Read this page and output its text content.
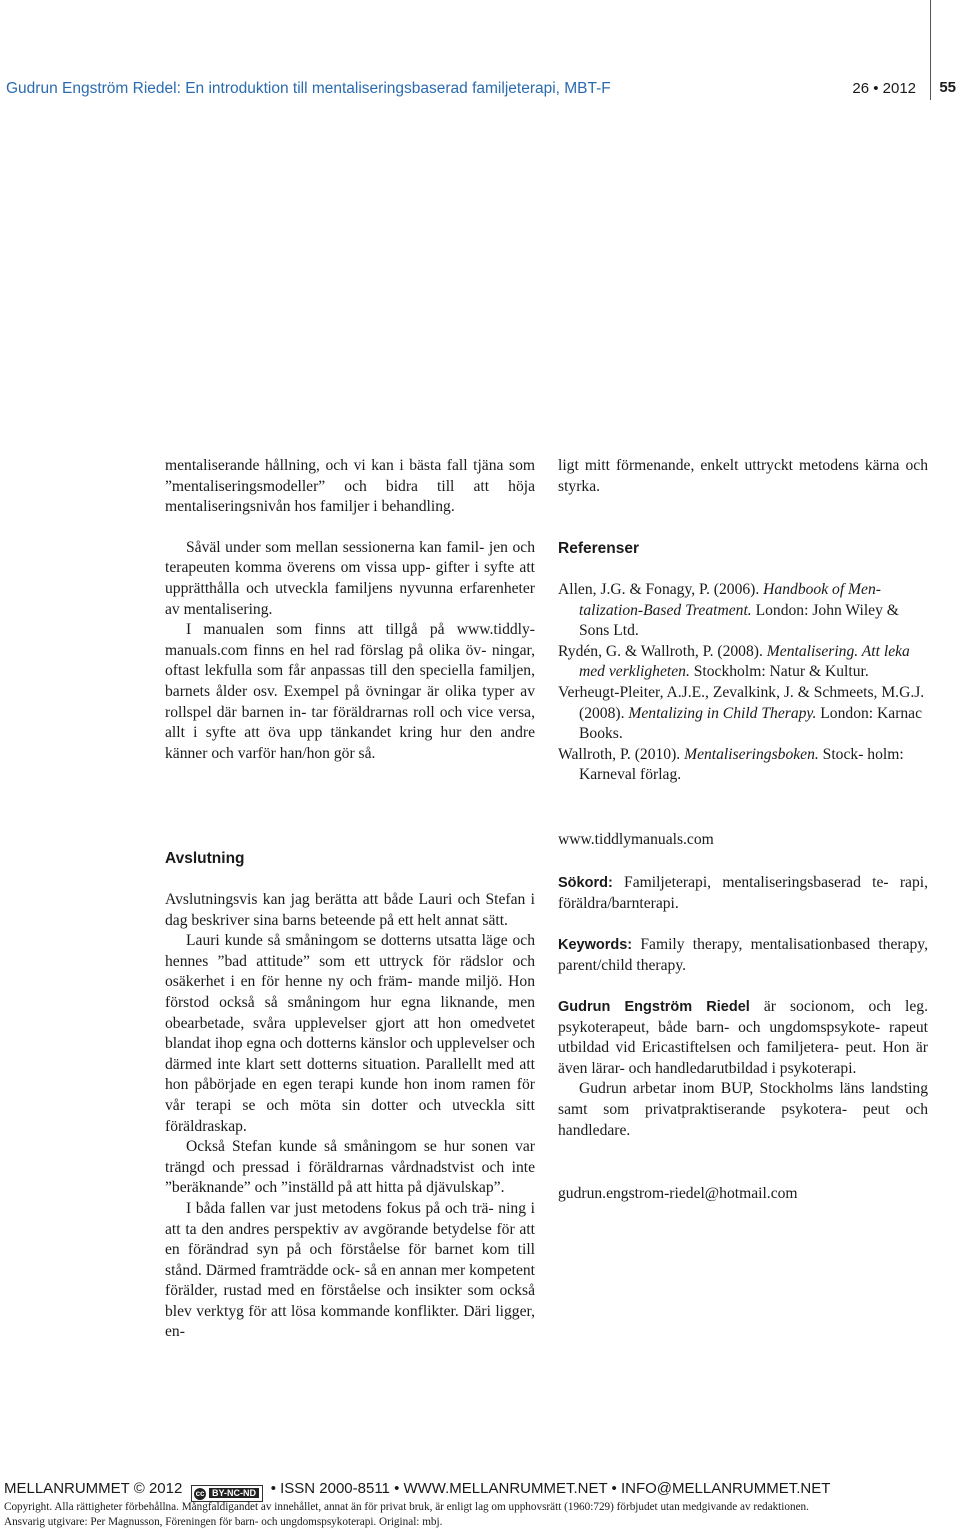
Gudrun Engström Riedel: En introduktion till mentaliseringsbaserad familjeterapi, MBT-F	26 • 2012 55

mentaliserande hållning, och vi kan i bästa fall tjäna som ”mentaliseringsmodeller” och bidra till att höja mentaliseringsnivån hos familjer i behandling.

Såväl under som mellan sessionerna kan famil- jen och terapeuten komma överens om vissa upp- gifter i syfte att upprätthålla och utveckla familjens nyvunna erfarenheter av mentalisering.

I manualen som finns att tillgå på www.tiddly- manuals.com finns en hel rad förslag på olika öv- ningar, oftast lekfulla som får anpassas till den speciella familjen, barnets ålder osv. Exempel på övningar är olika typer av rollspel där barnen in- tar föräldrarnas roll och vice versa, allt i syfte att öva upp tänkandet kring hur den andre känner och varför han/hon gör så.

Avslutning

Avslutningsvis kan jag berätta att både Lauri och Stefan i dag beskriver sina barns beteende på ett helt annat sätt.

Lauri kunde så småningom se dotterns utsatta läge och hennes ”bad attitude” som ett uttryck för rädslor och osäkerhet i en för henne ny och främ- mande miljö. Hon förstod också så småningom hur egna liknande, men obearbetade, svåra upplevelser gjort att hon omedvetet blandat ihop egna och dotterns känslor och upplevelser och därmed inte klart sett dotterns situation. Parallellt med att hon påbörjade en egen terapi kunde hon inom ramen för vår terapi se och möta sin dotter och utveckla sitt föräldraskap.

Också Stefan kunde så småningom se hur sonen var trängd och pressad i föräldrarnas vårdnadstvist och inte ”beräknande” och ”inställd på att hitta på djävulskap”.

I båda fallen var just metodens fokus på och trä- ning i att ta den andres perspektiv av avgörande betydelse för att en förändrad syn på och förståelse för barnet kom till stånd. Därmed framträdde ock- så en annan mer kompetent förälder, rustad med en förståelse och insikter som också blev verktyg för att lösa kommande konflikter. Däri ligger, en-

ligt mitt förmenande, enkelt uttryckt metodens kärna och styrka.

Referenser

Allen, J.G. & Fonagy, P. (2006). Handbook of Men- talization-Based Treatment. London: John Wiley & Sons Ltd.

Rydén, G. & Wallroth, P. (2008). Mentalisering. Att leka med verkligheten. Stockholm: Natur & Kultur.

Verheugt-Pleiter, A.J.E., Zevalkink, J. & Schmeets, M.G.J. (2008). Mentalizing in Child Therapy. London: Karnac Books.

Wallroth, P. (2010). Mentaliseringsboken. Stock- holm: Karneval förlag.

www.tiddlymanuals.com

Sökord: Familjeterapi, mentaliseringsbaserad te- rapi, föräldra/barnterapi.

Keywords: Family therapy, mentalisationbased therapy, parent/child therapy.

Gudrun Engström Riedel är socionom, och leg. psykoterapeut, både barn- och ungdomspsykote- rapeut utbildad vid Ericastiftelsen och familjetera- peut. Hon är även lärar- och handledarutbildad i psykoterapi.

Gudrun arbetar inom BUP, Stockholms läns landsting samt som privatpraktiserande psykotera- peut och handledare.

gudrun.engstrom-riedel@hotmail.com

MELLANRUMMET © 2012 cc BY-NC-ND • ISSN 2000-8511 • WWW.MELLANRUMMET.NET • INFO@MELLANRUMMET.NET
Copyright. Alla rättigheter förbehållna. Mångfaldigandet av innehållet, annat än för privat bruk, är enligt lag om upphovsrätt (1960:729) förbjudet utan medgivande av redaktionen.
Ansvarig utgivare: Per Magnusson, Föreningen för barn- och ungdomspsykoterapi. Original: mbj.
